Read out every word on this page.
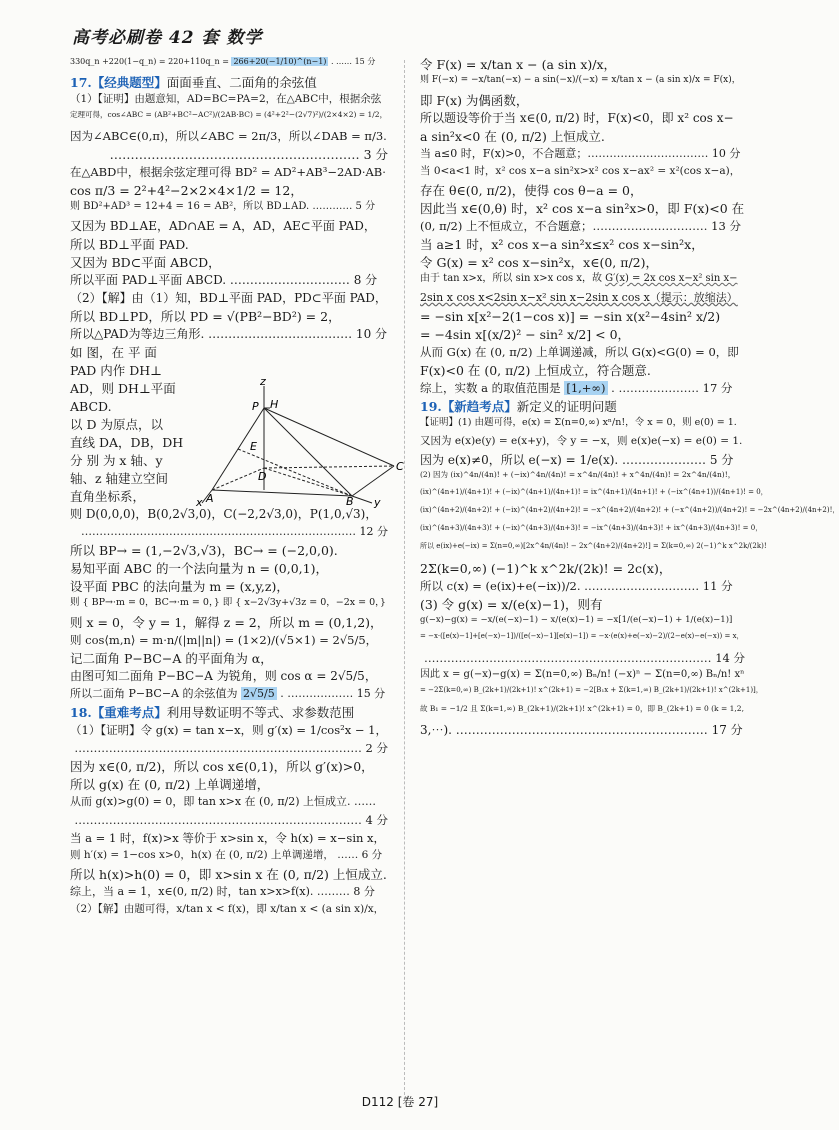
高考必刷卷 42 套 数学
330q_n +220(1−q_n) = 220+110q_n = 266+20(−1/10)^(n−1) . …… 15 分
17.【经典题型】面面垂直、二面角的余弦值
（1）【证明】由题意知，AD=BC=PA=2，在△ABC中，根据余弦
定理可得，cos∠ABC = (AB²+BC²−AC²)/(2AB·BC) = (4²+2²−(2√7)²)/(2×4×2) = 1/2，
因为∠ABC∈(0,π)，所以∠ABC = 2π/3，所以∠DAB = π/3.
…………………………………………………… 3 分
在△ABD中，根据余弦定理可得 BD² = AD²+AB³−2AD·AB·
cos π/3 = 2²+4²−2×2×4×1/2 = 12，
则 BD²+AD³ = 12+4 = 16 = AB²，所以 BD⊥AD. ………… 5 分
又因为 BD⊥AE，AD∩AE = A，AD，AE⊂平面 PAD，
所以 BD⊥平面 PAD.
又因为 BD⊂平面 ABCD，
所以平面 PAD⊥平面 ABCD. ………………………… 8 分
（2）【解】由（1）知，BD⊥平面 PAD，PD⊂平面 PAD，
所以 BD⊥PD，所以 PD = √(PB²−BD²) = 2，
所以△PAD为等边三角形. ……………………………… 10 分
如 图，在 平 面
PAD 内作 DH⊥
AD，则 DH⊥平面
ABCD.
以 D 为原点，以
直线 DA，DB，DH
分 别 为 x 轴、y
轴、z 轴建立空间
直角坐标系，
则 D(0,0,0)，B(0,2√3,0)，C(−2,2√3,0)，P(1,0,√3)，
………………………………………………………………… 12 分
所以 BP→ = (1,−2√3,√3)，BC→ = (−2,0,0).
易知平面 ABC 的一个法向量为 n = (0,0,1)，
设平面 PBC 的法向量为 m = (x,y,z)，
则 { BP→·m = 0，BC→·m = 0，} 即 { x−2√3y+√3z = 0，−2x = 0，}
则 x = 0，令 y = 1，解得 z = 2，所以 m = (0,1,2)，
则 cos⟨m,n⟩ = m·n/(|m||n|) = (1×2)/(√5×1) = 2√5/5，
记二面角 P−BC−A 的平面角为 α，
由图可知二面角 P−BC−A 为锐角，则 cos α = 2√5/5，
所以二面角 P−BC−A 的余弦值为 2√5/5 . ……………… 15 分
18.【重难考点】利用导数证明不等式、求参数范围
（1）【证明】令 g(x) = tan x−x，则 g′(x) = 1/cos²x − 1，
………………………………………………………………… 2 分
因为 x∈(0, π/2)，所以 cos x∈(0,1)，所以 g′(x)>0，
所以 g(x) 在 (0, π/2) 上单调递增，
从而 g(x)>g(0) = 0，即 tan x>x 在 (0, π/2) 上恒成立. ……
………………………………………………………………… 4 分
当 a = 1 时，f(x)>x 等价于 x>sin x，令 h(x) = x−sin x，
则 h′(x) = 1−cos x>0，h(x) 在 (0, π/2) 上单调递增， …… 6 分
所以 h(x)>h(0) = 0，即 x>sin x 在 (0, π/2) 上恒成立.
综上，当 a = 1，x∈(0, π/2) 时，tan x>x>f(x). ……… 8 分
（2）【解】由题可得，x/tan x < f(x)，即 x/tan x < (a sin x)/x，
令 F(x) = x/tan x − (a sin x)/x，
则 F(−x) = −x/tan(−x) − a sin(−x)/(−x) = x/tan x − (a sin x)/x = F(x)，
即 F(x) 为偶函数，
所以题设等价于当 x∈(0, π/2) 时，F(x)<0，即 x² cos x−
a sin²x<0 在 (0, π/2) 上恒成立.
当 a≤0 时，F(x)>0，不合题意；…………………………… 10 分
当 0<a<1 时，x² cos x−a sin²x>x² cos x−ax² = x²(cos x−a)，
存在 θ∈(0, π/2)，使得 cos θ−a = 0，
因此当 x∈(0,θ) 时，x² cos x−a sin²x>0，即 F(x)<0 在
(0, π/2) 上不恒成立，不合题意；………………………… 13 分
当 a≥1 时，x² cos x−a sin²x≤x² cos x−sin²x，
令 G(x) = x² cos x−sin²x，x∈(0, π/2)，
由于 tan x>x，所以 sin x>x cos x，故 G′(x) = 2x cos x−x² sin x−
2sin x cos x<2sin x−x² sin x−2sin x cos x（提示：放缩法）
= −sin x[x²−2(1−cos x)] = −sin x(x²−4sin² x/2)
= −4sin x[(x/2)² − sin² x/2] < 0，
从而 G(x) 在 (0, π/2) 上单调递减，所以 G(x)<G(0) = 0，即
F(x)<0 在 (0, π/2) 上恒成立，符合题意.
综上，实数 a 的取值范围是 [1,+∞) . ………………… 17 分
19.【新趋考点】新定义的证明问题
【证明】(1) 由题可得，e(x) = Σ(n=0,∞) xⁿ/n!，令 x = 0，则 e(0) = 1.
又因为 e(x)e(y) = e(x+y)，令 y = −x，则 e(x)e(−x) = e(0) = 1.
因为 e(x)≠0，所以 e(−x) = 1/e(x). ………………… 5 分
(2) 因为 (ix)^4n/(4n)! + (−ix)^4n/(4n)! = x^4n/(4n)! + x^4n/(4n)! = 2x^4n/(4n)!，
(ix)^(4n+1)/(4n+1)! + (−ix)^(4n+1)/(4n+1)! = ix^(4n+1)/(4n+1)! + (−ix^(4n+1))/(4n+1)! = 0，
(ix)^(4n+2)/(4n+2)! + (−ix)^(4n+2)/(4n+2)! = −x^(4n+2)/(4n+2)! + (−x^(4n+2))/(4n+2)! = −2x^(4n+2)/(4n+2)!，
(ix)^(4n+3)/(4n+3)! + (−ix)^(4n+3)/(4n+3)! = −ix^(4n+3)/(4n+3)! + ix^(4n+3)/(4n+3)! = 0，
所以 e(ix)+e(−ix) = Σ(n=0,∞)[2x^4n/(4n)! − 2x^(4n+2)/(4n+2)!] = Σ(k=0,∞) 2(−1)^k x^2k/(2k)!
2Σ(k=0,∞) (−1)^k x^2k/(2k)! = 2c(x)，
所以 c(x) = (e(ix)+e(−ix))/2. ………………………… 11 分
(3) 令 g(x) = x/(e(x)−1)，则有
g(−x)−g(x) = −x/(e(−x)−1) − x/(e(x)−1) = −x[1/(e(−x)−1) + 1/(e(x)−1)]
= −x·([e(x)−1]+[e(−x)−1])/([e(−x)−1][e(x)−1]) = −x·(e(x)+e(−x)−2)/(2−e(x)−e(−x)) = x，
………………………………………………………………… 14 分
因此 x = g(−x)−g(x) = Σ(n=0,∞) Bₙ/n! (−x)ⁿ − Σ(n=0,∞) Bₙ/n! xⁿ
= −2Σ(k=0,∞) B_(2k+1)/(2k+1)! x^(2k+1) = −2[B₁x + Σ(k=1,∞) B_(2k+1)/(2k+1)! x^(2k+1)]，
故 B₁ = −1/2 且 Σ(k=1,∞) B_(2k+1)/(2k+1)! x^(2k+1) = 0，即 B_(2k+1) = 0 (k = 1,2,
3,⋯). ……………………………………………………… 17 分
z
P H
E
D
C
A	B
x	y
D112 [卷 27]
